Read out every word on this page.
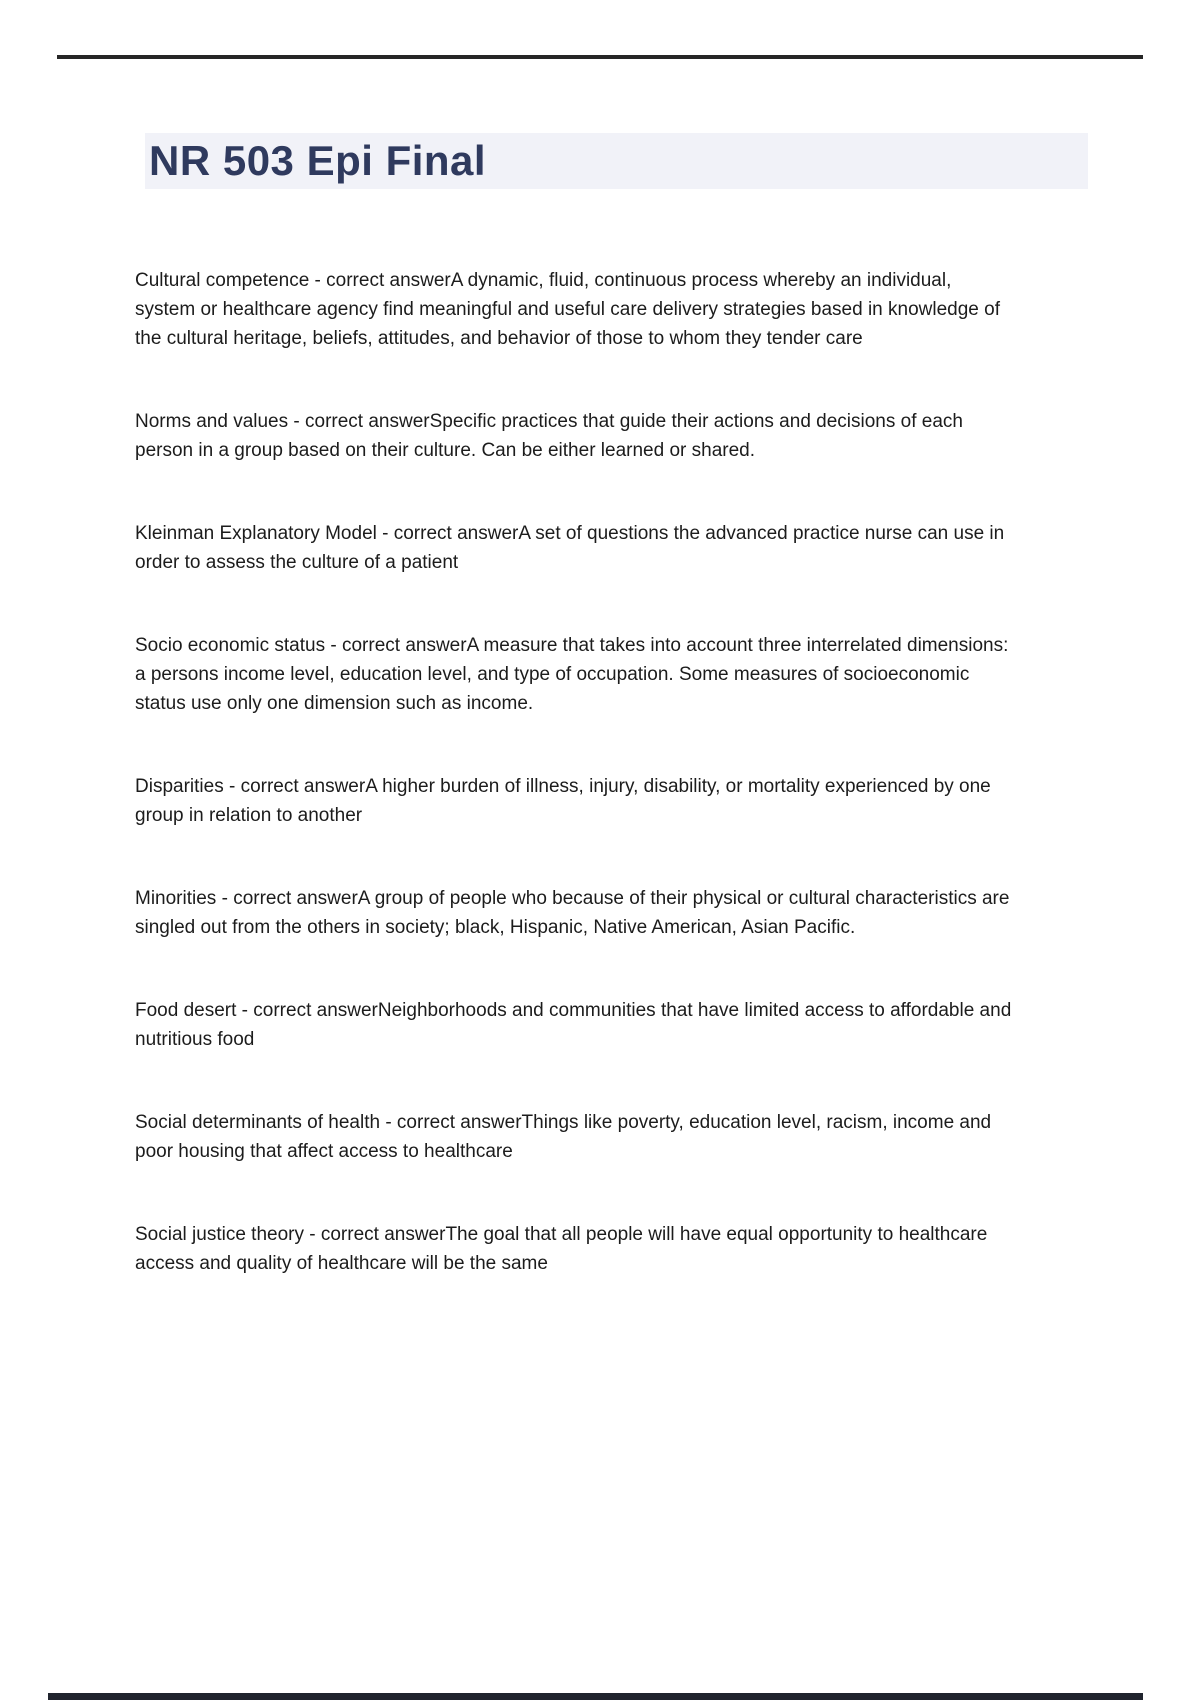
NR 503 Epi Final

Cultural competence - correct answerA dynamic, fluid, continuous process whereby an individual, system or healthcare agency find meaningful and useful care delivery strategies based in knowledge of the cultural heritage, beliefs, attitudes, and behavior of those to whom they tender care

Norms and values - correct answerSpecific practices that guide their actions and decisions of each person in a group based on their culture. Can be either learned or shared.

Kleinman Explanatory Model - correct answerA set of questions the advanced practice nurse can use in order to assess the culture of a patient

Socio economic status - correct answerA measure that takes into account three interrelated dimensions: a persons income level, education level, and type of occupation. Some measures of socioeconomic status use only one dimension such as income.

Disparities - correct answerA higher burden of illness, injury, disability, or mortality experienced by one group in relation to another

Minorities - correct answerA group of people who because of their physical or cultural characteristics are singled out from the others in society; black, Hispanic, Native American, Asian Pacific.

Food desert - correct answerNeighborhoods and communities that have limited access to affordable and nutritious food

Social determinants of health - correct answerThings like poverty, education level, racism, income and poor housing that affect access to healthcare

Social justice theory - correct answerThe goal that all people will have equal opportunity to healthcare access and quality of healthcare will be the same
